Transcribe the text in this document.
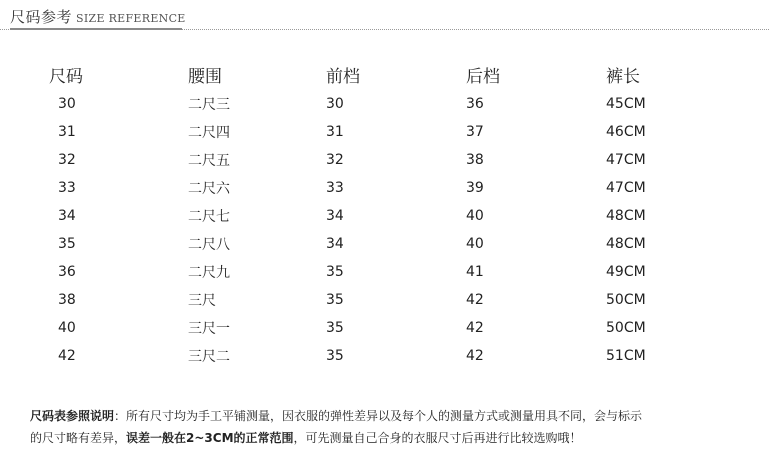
尺码参考 SIZE REFERENCE
尺码	腰围	前档	后档	裤长
30	二尺三	30	36	45CM
31	二尺四	31	37	46CM
32	二尺五	32	38	47CM
33	二尺六	33	39	47CM
34	二尺七	34	40	48CM
35	二尺八	34	40	48CM
36	二尺九	35	41	49CM
38	三尺	35	42	50CM
40	三尺一	35	42	50CM
42	三尺二	35	42	51CM
尺码表参照说明：所有尺寸均为手工平铺测量，因衣服的弹性差异以及每个人的测量方式或测量用具不同，会与标示
的尺寸略有差异，误差一般在2~3CM的正常范围，可先测量自己合身的衣服尺寸后再进行比较选购哦！
